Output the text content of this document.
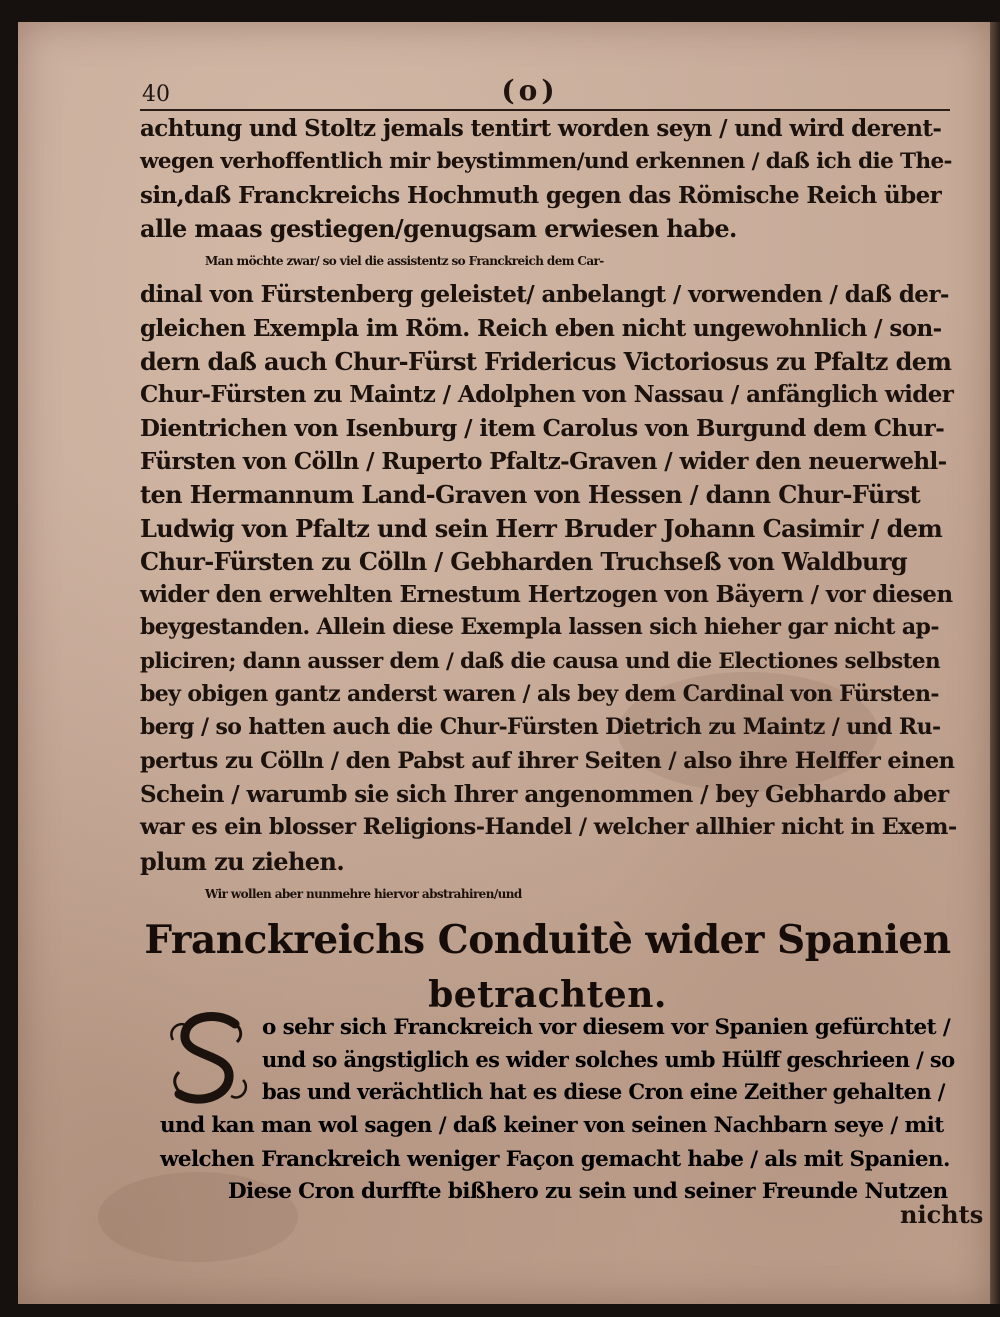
40	(o)
achtung und Stoltz jemals tentirt worden seyn / und wird derent-
wegen verhoffentlich mir beystimmen/und erkennen / daß ich die The-
sin,daß Franckreichs Hochmuth gegen das Römische Reich über
alle maas gestiegen/genugsam erwiesen habe.
Man möchte zwar/ so viel die assistentz so Franckreich dem Car-
dinal von Fürstenberg geleistet/ anbelangt / vorwenden / daß der-
gleichen Exempla im Röm. Reich eben nicht ungewohnlich / son-
dern daß auch Chur-Fürst Fridericus Victoriosus zu Pfaltz dem
Chur-Fürsten zu Maintz / Adolphen von Nassau / anfänglich wider
Dientrichen von Isenburg / item Carolus von Burgund dem Chur-
Fürsten von Cölln / Ruperto Pfaltz-Graven / wider den neuerwehl-
ten Hermannum Land-Graven von Hessen / dann Chur-Fürst
Ludwig von Pfaltz und sein Herr Bruder Johann Casimir / dem
Chur-Fürsten zu Cölln / Gebharden Truchseß von Waldburg
wider den erwehlten Ernestum Hertzogen von Bäyern / vor diesen
beygestanden. Allein diese Exempla lassen sich hieher gar nicht ap-
pliciren; dann ausser dem / daß die causa und die Electiones selbsten
bey obigen gantz anderst waren / als bey dem Cardinal von Fürsten-
berg / so hatten auch die Chur-Fürsten Dietrich zu Maintz / und Ru-
pertus zu Cölln / den Pabst auf ihrer Seiten / also ihre Helffer einen
Schein / warumb sie sich Ihrer angenommen / bey Gebhardo aber
war es ein blosser Religions-Handel / welcher allhier nicht in Exem-
plum zu ziehen.
Wir wollen aber nunmehre hiervor abstrahiren/und
Franckreichs Conduitè wider Spanien
betrachten.
o sehr sich Franckreich vor diesem vor Spanien gefürchtet /
und so ängstiglich es wider solches umb Hülff geschrieen / so
bas und verächtlich hat es diese Cron eine Zeither gehalten /
und kan man wol sagen / daß keiner von seinen Nachbarn seye / mit
welchen Franckreich weniger Façon gemacht habe / als mit Spanien.
Diese Cron durffte bißhero zu sein und seiner Freunde Nutzen
nichts
